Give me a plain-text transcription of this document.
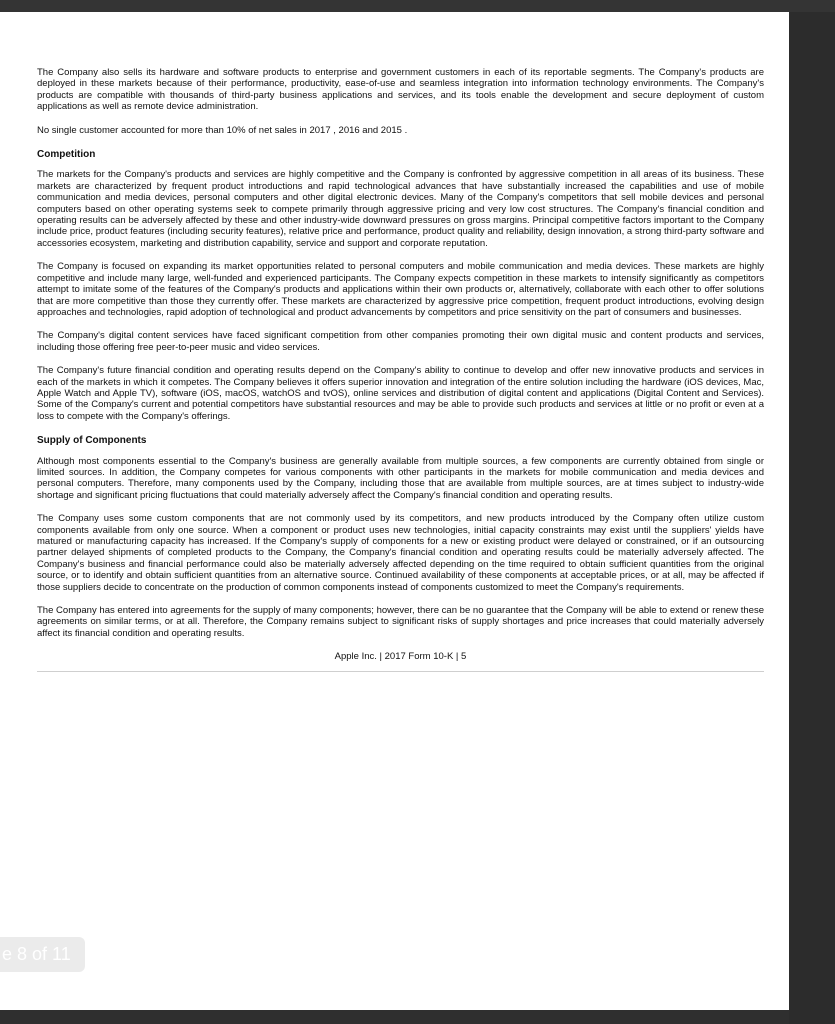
The Company also sells its hardware and software products to enterprise and government customers in each of its reportable segments. The Company's products are deployed in these markets because of their performance, productivity, ease-of-use and seamless integration into information technology environments. The Company's products are compatible with thousands of third-party business applications and services, and its tools enable the development and secure deployment of custom applications as well as remote device administration.

No single customer accounted for more than 10% of net sales in 2017 , 2016 and 2015 .

Competition

The markets for the Company's products and services are highly competitive and the Company is confronted by aggressive competition in all areas of its business. These markets are characterized by frequent product introductions and rapid technological advances that have substantially increased the capabilities and use of mobile communication and media devices, personal computers and other digital electronic devices. Many of the Company's competitors that sell mobile devices and personal computers based on other operating systems seek to compete primarily through aggressive pricing and very low cost structures. The Company's financial condition and operating results can be adversely affected by these and other industry-wide downward pressures on gross margins. Principal competitive factors important to the Company include price, product features (including security features), relative price and performance, product quality and reliability, design innovation, a strong third-party software and accessories ecosystem, marketing and distribution capability, service and support and corporate reputation.

The Company is focused on expanding its market opportunities related to personal computers and mobile communication and media devices. These markets are highly competitive and include many large, well-funded and experienced participants. The Company expects competition in these markets to intensify significantly as competitors attempt to imitate some of the features of the Company's products and applications within their own products or, alternatively, collaborate with each other to offer solutions that are more competitive than those they currently offer. These markets are characterized by aggressive price competition, frequent product introductions, evolving design approaches and technologies, rapid adoption of technological and product advancements by competitors and price sensitivity on the part of consumers and businesses.

The Company's digital content services have faced significant competition from other companies promoting their own digital music and content products and services, including those offering free peer-to-peer music and video services.

The Company's future financial condition and operating results depend on the Company's ability to continue to develop and offer new innovative products and services in each of the markets in which it competes. The Company believes it offers superior innovation and integration of the entire solution including the hardware (iOS devices, Mac, Apple Watch and Apple TV), software (iOS, macOS, watchOS and tvOS), online services and distribution of digital content and applications (Digital Content and Services). Some of the Company's current and potential competitors have substantial resources and may be able to provide such products and services at little or no profit or even at a loss to compete with the Company's offerings.

Supply of Components

Although most components essential to the Company's business are generally available from multiple sources, a few components are currently obtained from single or limited sources. In addition, the Company competes for various components with other participants in the markets for mobile communication and media devices and personal computers. Therefore, many components used by the Company, including those that are available from multiple sources, are at times subject to industry-wide shortage and significant pricing fluctuations that could materially adversely affect the Company's financial condition and operating results.

The Company uses some custom components that are not commonly used by its competitors, and new products introduced by the Company often utilize custom components available from only one source. When a component or product uses new technologies, initial capacity constraints may exist until the suppliers' yields have matured or manufacturing capacity has increased. If the Company's supply of components for a new or existing product were delayed or constrained, or if an outsourcing partner delayed shipments of completed products to the Company, the Company's financial condition and operating results could be materially adversely affected. The Company's business and financial performance could also be materially adversely affected depending on the time required to obtain sufficient quantities from the original source, or to identify and obtain sufficient quantities from an alternative source. Continued availability of these components at acceptable prices, or at all, may be affected if those suppliers decide to concentrate on the production of common components instead of components customized to meet the Company's requirements.

The Company has entered into agreements for the supply of many components; however, there can be no guarantee that the Company will be able to extend or renew these agreements on similar terms, or at all. Therefore, the Company remains subject to significant risks of supply shortages and price increases that could materially adversely affect its financial condition and operating results.

Apple Inc. | 2017 Form 10-K | 5
e 8 of 11
